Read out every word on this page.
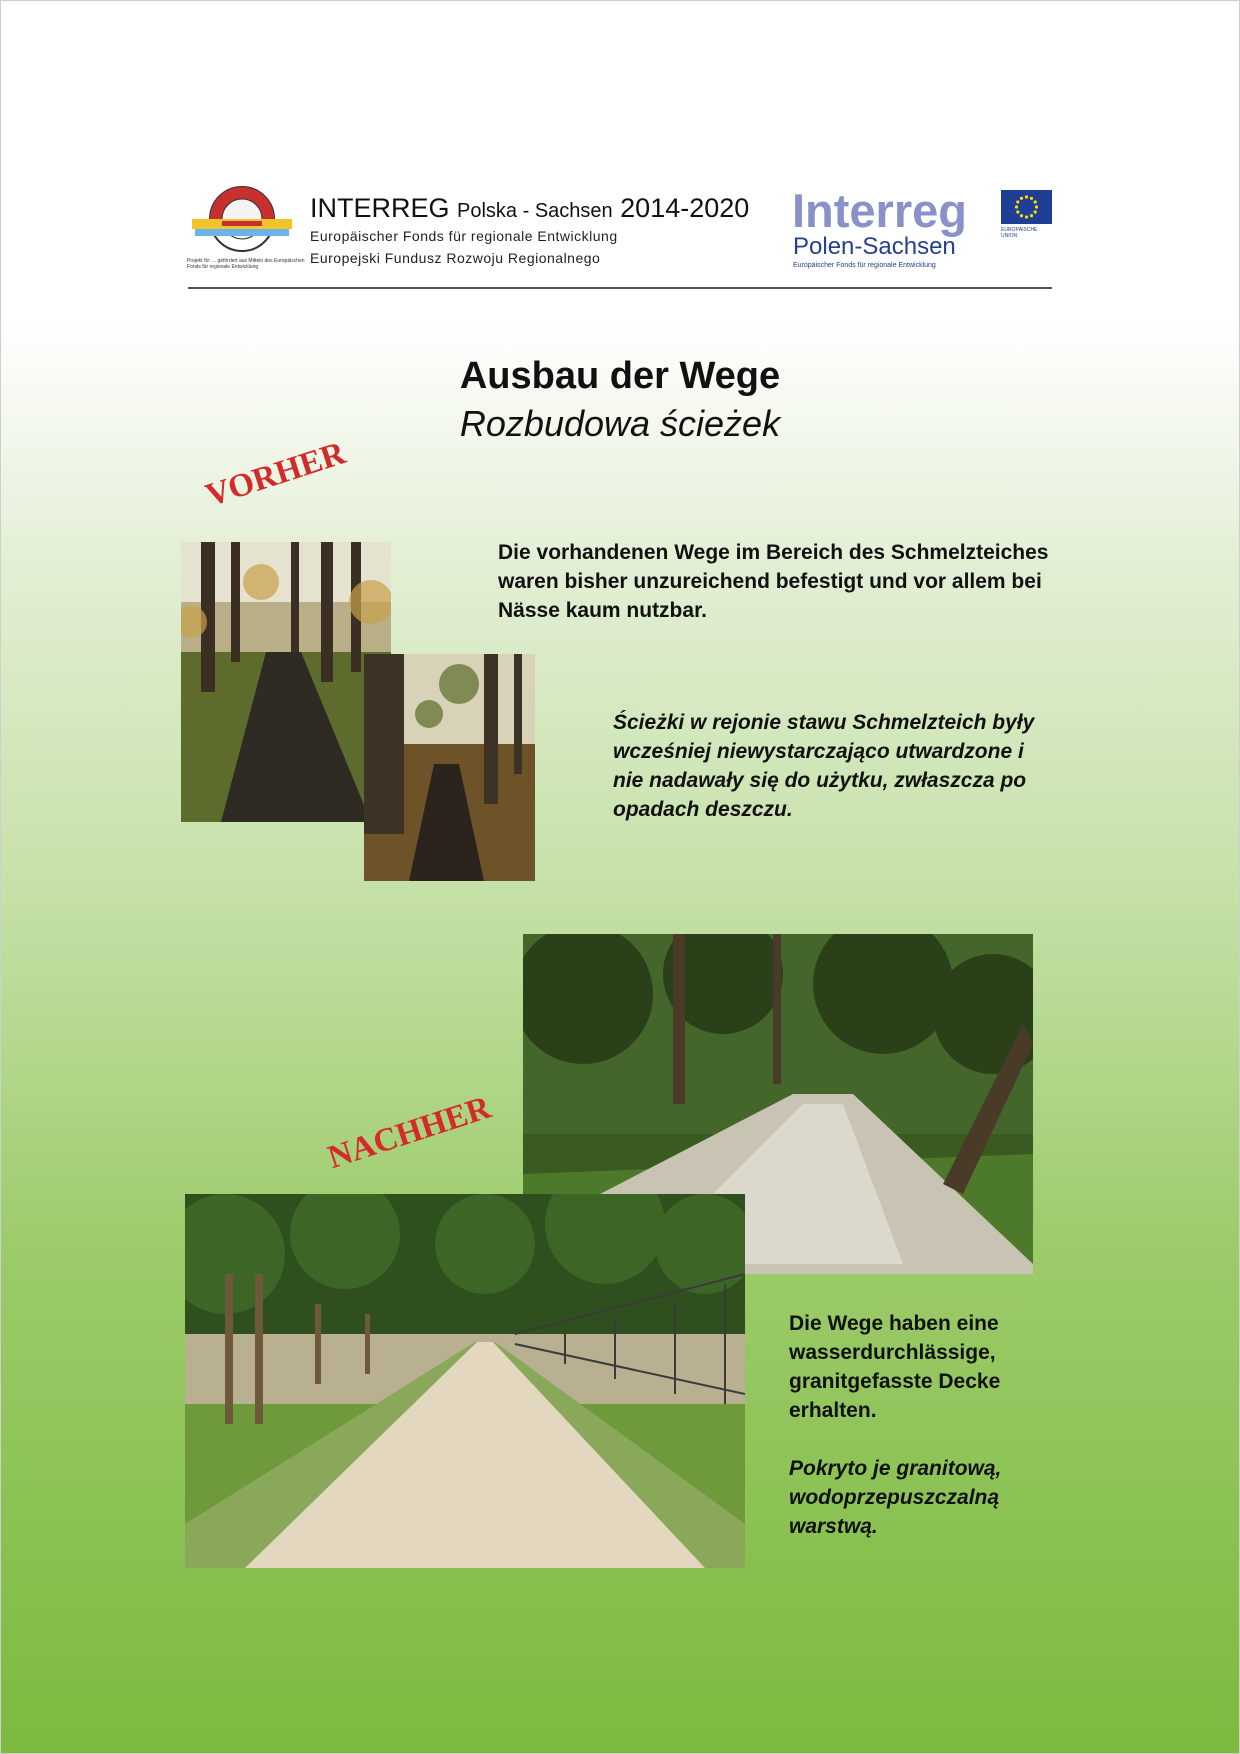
Projekt Nr: ... gefördert aus Mitteln des Europäischen Fonds für regionale Entwicklung
INTERREG Polska - Sachsen 2014-2020
Europäischer Fonds für regionale Entwicklung
Europejski Fundusz Rozwoju Regionalnego
Interreg
Polen-Sachsen
Europäischer Fonds für regionale Entwicklung
EUROPÄISCHE UNION
Ausbau der Wege
Rozbudowa ścieżek
VORHER
NACHHER
Die vorhandenen Wege im Bereich des Schmelzteiches waren bisher unzureichend befestigt und vor allem bei Nässe kaum nutzbar.
Ścieżki w rejonie stawu Schmelzteich były wcześniej niewystarczająco utwardzone i nie nadawały się do użytku, zwłaszcza po opadach deszczu.
Die Wege haben eine wasserdurchlässige, granitgefasste Decke erhalten.
Pokryto je granitową, wodoprzepuszczalną warstwą.
